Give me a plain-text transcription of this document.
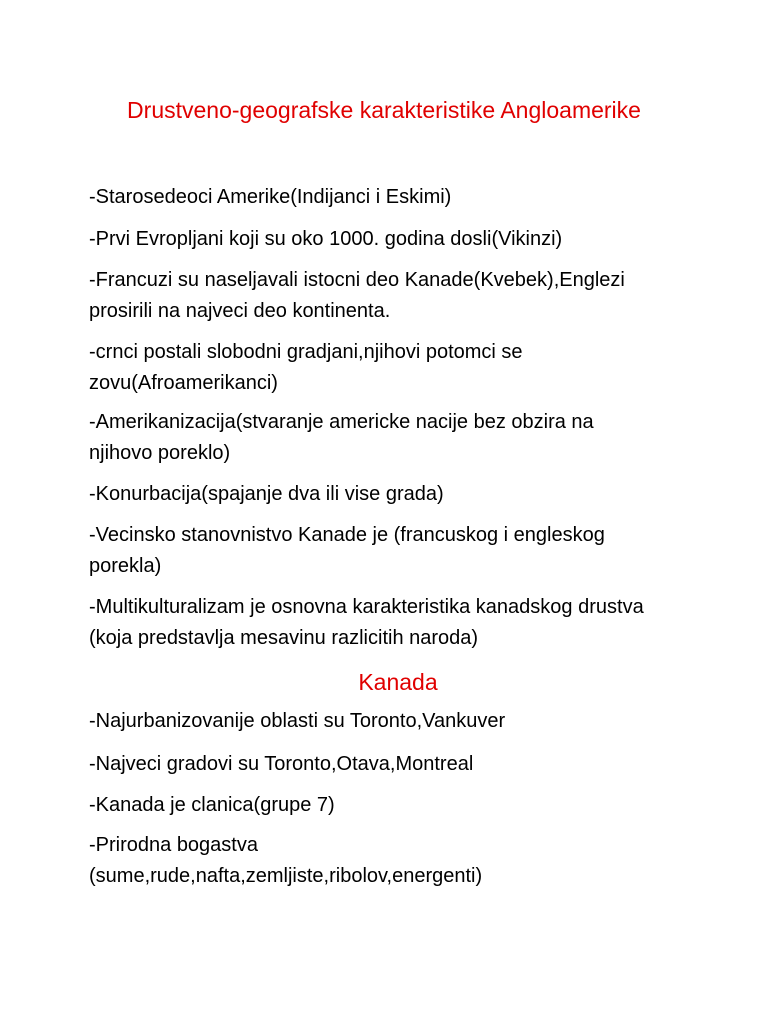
Drustveno-geografske karakteristike Angloamerike
-Starosedeoci Amerike(Indijanci i Eskimi)
-Prvi Evropljani koji su oko 1000. godina dosli(Vikinzi)
-Francuzi su naseljavali istocni deo Kanade(Kvebek),Englezi
prosirili na najveci deo kontinenta.
-crnci postali slobodni gradjani,njihovi potomci se
zovu(Afroamerikanci)
-Amerikanizacija(stvaranje americke nacije bez obzira na
njihovo poreklo)
-Konurbacija(spajanje dva ili vise grada)
-Vecinsko stanovnistvo Kanade je (francuskog i engleskog
porekla)
-Multikulturalizam je osnovna karakteristika kanadskog drustva
(koja predstavlja mesavinu razlicitih naroda)
Kanada
-Najurbanizovanije oblasti su Toronto,Vankuver
-Najveci gradovi su Toronto,Otava,Montreal
-Kanada je clanica(grupe 7)
-Prirodna bogastva
(sume,rude,nafta,zemljiste,ribolov,energenti)
